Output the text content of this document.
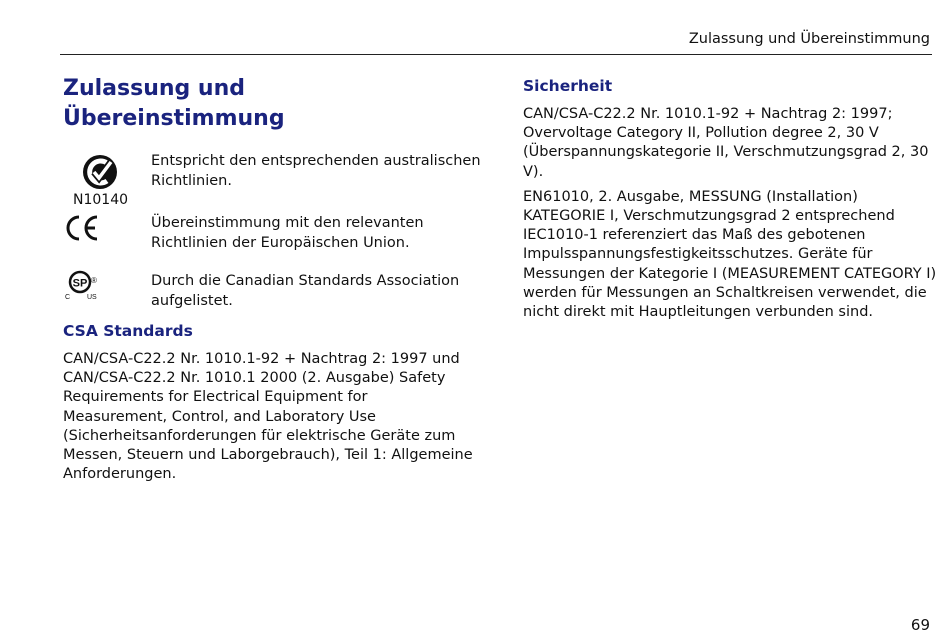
Zulassung und Übereinstimmung
Zulassung und Übereinstimmung
N10140
Entspricht den entsprechenden australischen Richtlinien.
Übereinstimmung mit den relevanten Richtlinien der Europäischen Union.
SP
C US
®	Durch die Canadian Standards Association aufgelistet.
CSA Standards

CAN/CSA-C22.2 Nr. 1010.1-92 + Nachtrag 2: 1997 und CAN/CSA-C22.2 Nr. 1010.1 2000 (2. Ausgabe) Safety Requirements for Electrical Equipment for Measurement, Control, and Laboratory Use (Sicherheitsanforderungen für elektrische Geräte zum Messen, Steuern und Laborgebrauch), Teil 1: Allgemeine Anforderungen.

Sicherheit

CAN/CSA-C22.2 Nr. 1010.1-92 + Nachtrag 2: 1997; Overvoltage Category II, Pollution degree 2, 30 V (Überspannungskategorie II, Verschmutzungsgrad 2, 30 V).

EN61010, 2. Ausgabe, MESSUNG (Installation) KATEGORIE I, Verschmutzungsgrad 2 entsprechend IEC1010-1 referenziert das Maß des gebotenen Impulsspannungsfestigkeitsschutzes. Geräte für Messungen der Kategorie I (MEASUREMENT CATEGORY I) werden für Messungen an Schaltkreisen verwendet, die nicht direkt mit Hauptleitungen verbunden sind.

69
